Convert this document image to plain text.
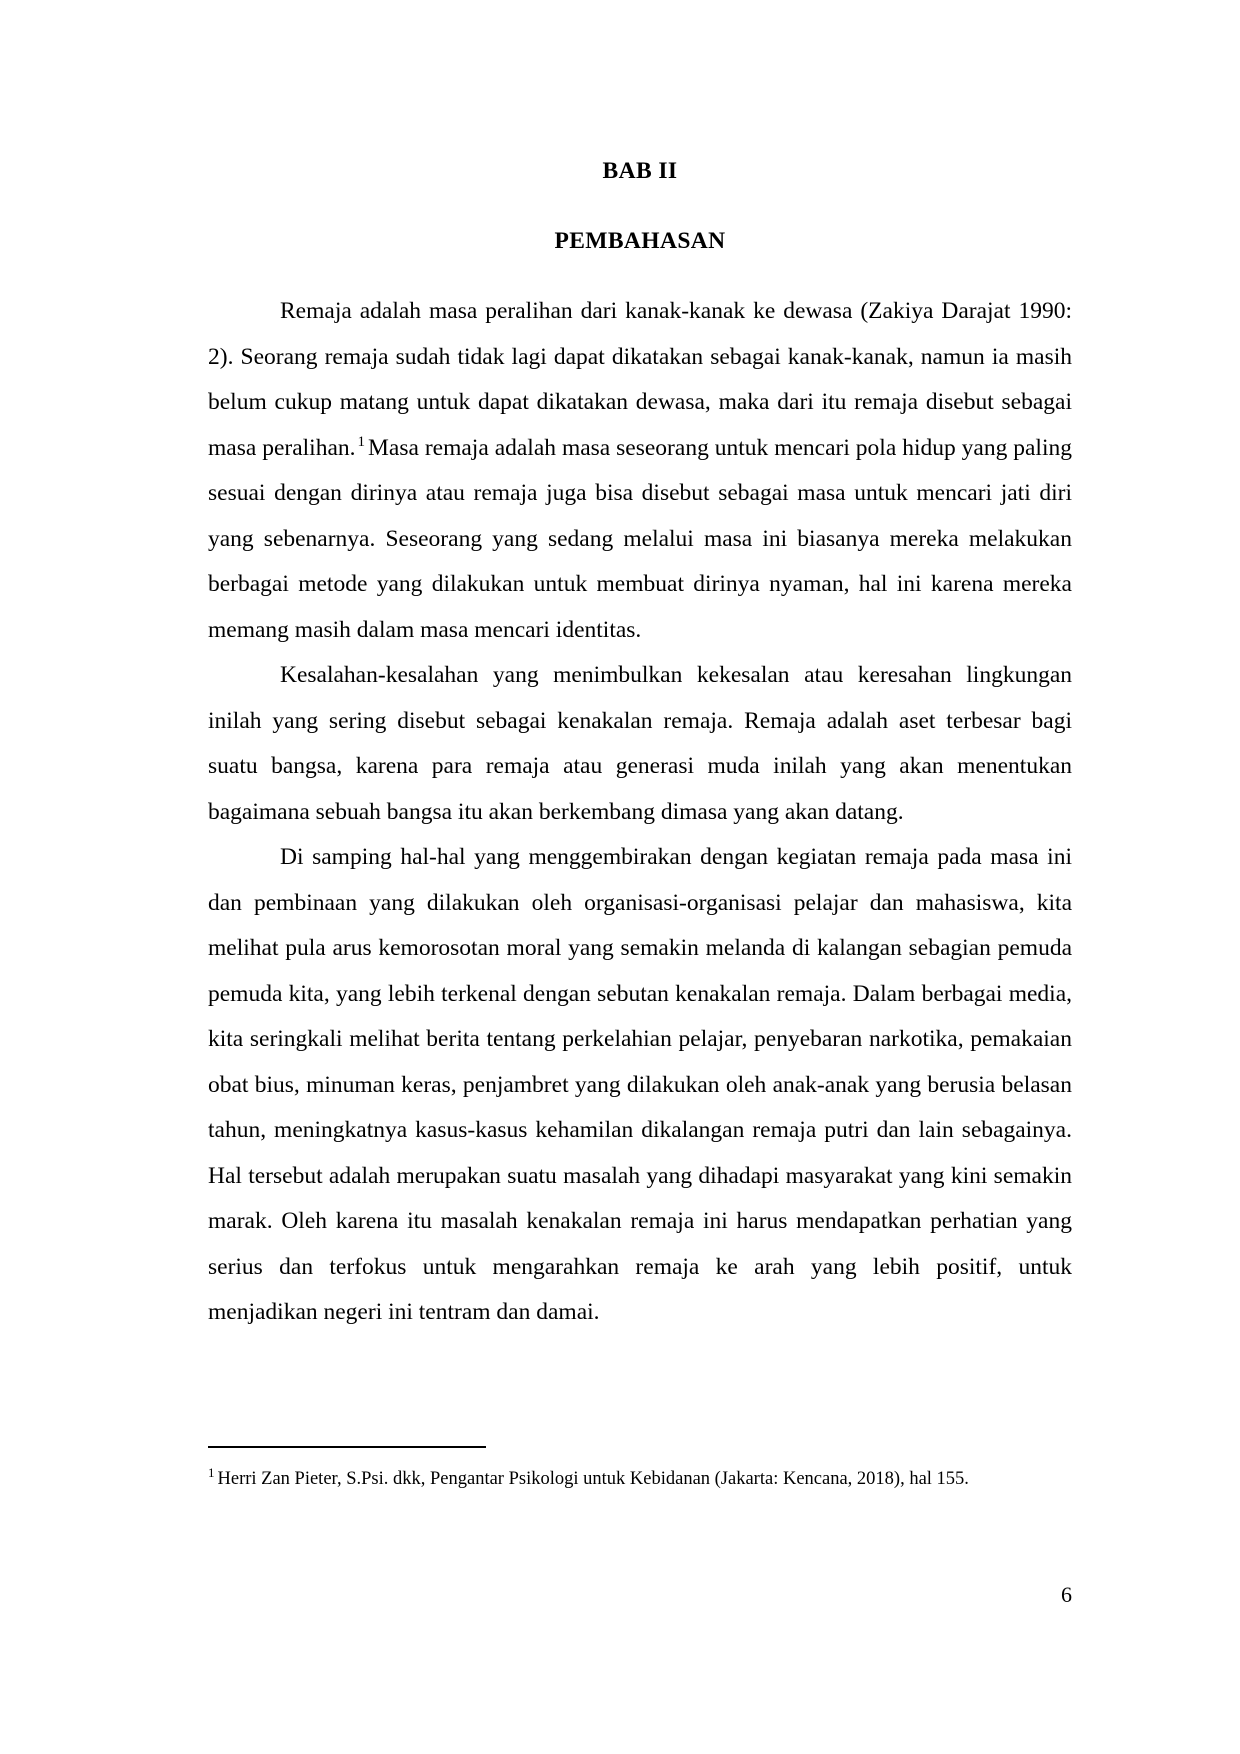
BAB II
PEMBAHASAN

Remaja adalah masa peralihan dari kanak-kanak ke dewasa (Zakiya Darajat 1990: 2). Seorang remaja sudah tidak lagi dapat dikatakan sebagai kanak-kanak, namun ia masih belum cukup matang untuk dapat dikatakan dewasa, maka dari itu remaja disebut sebagai masa peralihan. $^1$ Masa remaja adalah masa seseorang untuk mencari pola hidup yang paling sesuai dengan dirinya atau remaja juga bisa disebut sebagai masa untuk mencari jati diri yang sebenarnya. Seseorang yang sedang melalui masa ini biasanya mereka melakukan berbagai metode yang dilakukan untuk membuat dirinya nyaman, hal ini karena mereka memang masih dalam masa mencari identitas.

Kesalahan-kesalahan yang menimbulkan kekesalan atau keresahan lingkungan inilah yang sering disebut sebagai kenakalan remaja. Remaja adalah aset terbesar bagi suatu bangsa, karena para remaja atau generasi muda inilah yang akan menentukan bagaimana sebuah bangsa itu akan berkembang dimasa yang akan datang.

Di samping hal-hal yang menggembirakan dengan kegiatan remaja pada masa ini dan pembinaan yang dilakukan oleh organisasi-organisasi pelajar dan mahasiswa, kita melihat pula arus kemorosotan moral yang semakin melanda di kalangan sebagian pemuda pemuda kita, yang lebih terkenal dengan sebutan kenakalan remaja. Dalam berbagai media, kita seringkali melihat berita tentang perkelahian pelajar, penyebaran narkotika, pemakaian obat bius, minuman keras, penjambret yang dilakukan oleh anak-anak yang berusia belasan tahun, meningkatnya kasus-kasus kehamilan dikalangan remaja putri dan lain sebagainya. Hal tersebut adalah merupakan suatu masalah yang dihadapi masyarakat yang kini semakin marak. Oleh karena itu masalah kenakalan remaja ini harus mendapatkan perhatian yang serius dan terfokus untuk mengarahkan remaja ke arah yang lebih positif, untuk menjadikan negeri ini tentram dan damai.

$^1$ Herri Zan Pieter, S.Psi. dkk, Pengantar Psikologi untuk Kebidanan (Jakarta: Kencana, 2018), hal 155.

6
